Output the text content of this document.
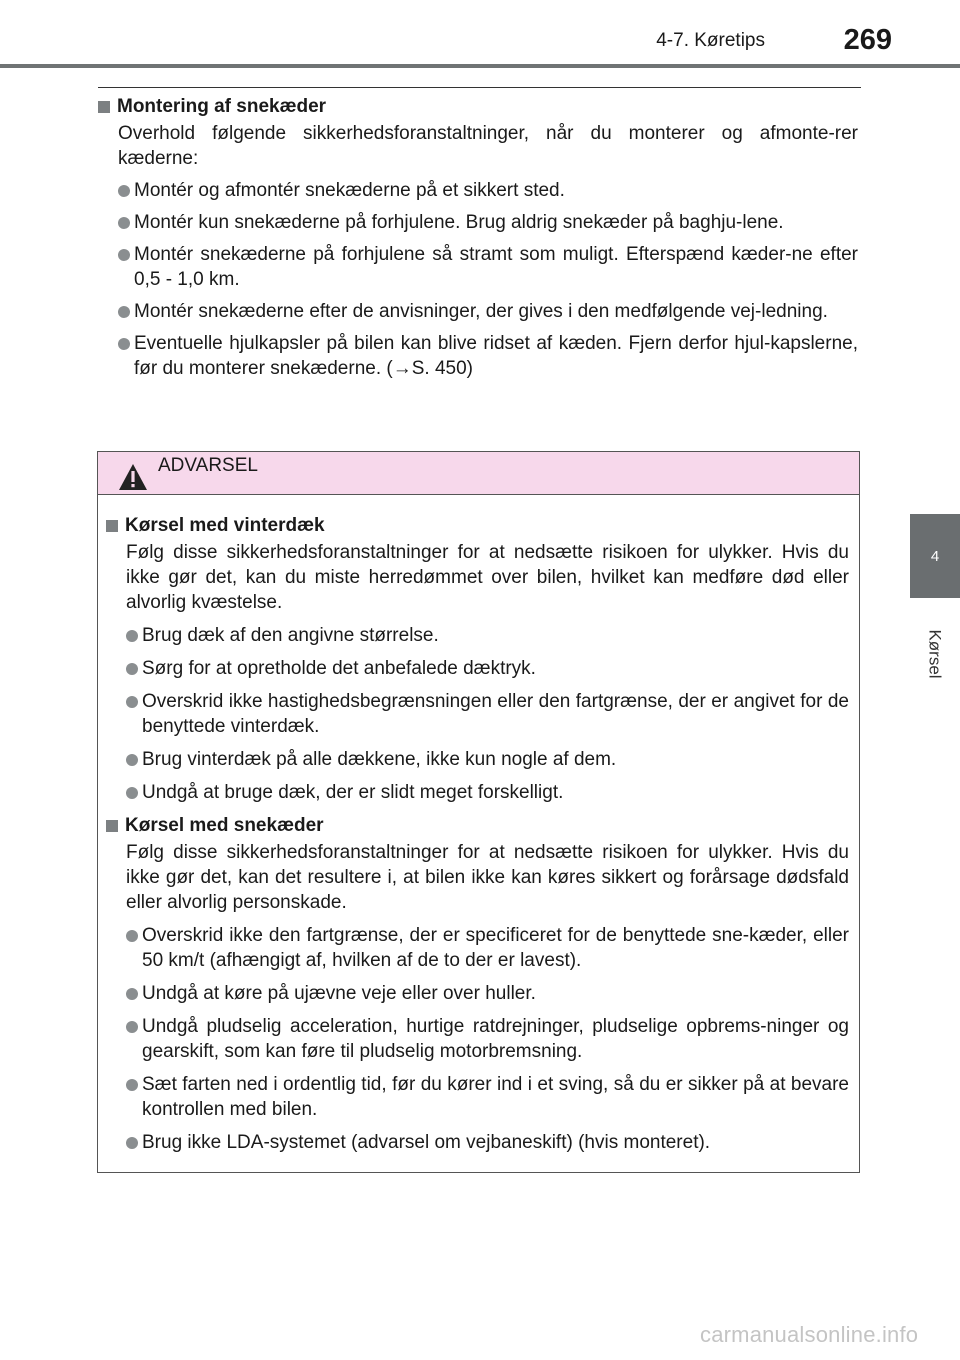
4-7. Køretips	269
4
Kørsel
Montering af snekæder
Overhold følgende sikkerhedsforanstaltninger, når du monterer og afmonte-rer kæderne:
Montér og afmontér snekæderne på et sikkert sted.
Montér kun snekæderne på forhjulene. Brug aldrig snekæder på baghju-lene.
Montér snekæderne på forhjulene så stramt som muligt. Efterspænd kæder-ne efter 0,5 - 1,0 km.
Montér snekæderne efter de anvisninger, der gives i den medfølgende vej-ledning.
Eventuelle hjulkapsler på bilen kan blive ridset af kæden. Fjern derfor hjul-kapslerne, før du monterer snekæderne. (→S. 450)
ADVARSEL
Kørsel med vinterdæk
Følg disse sikkerhedsforanstaltninger for at nedsætte risikoen for ulykker. Hvis du ikke gør det, kan du miste herredømmet over bilen, hvilket kan medføre død eller alvorlig kvæstelse.
Brug dæk af den angivne størrelse.
Sørg for at opretholde det anbefalede dæktryk.
Overskrid ikke hastighedsbegrænsningen eller den fartgrænse, der er angivet for de benyttede vinterdæk.
Brug vinterdæk på alle dækkene, ikke kun nogle af dem.
Undgå at bruge dæk, der er slidt meget forskelligt.
Kørsel med snekæder
Følg disse sikkerhedsforanstaltninger for at nedsætte risikoen for ulykker. Hvis du ikke gør det, kan det resultere i, at bilen ikke kan køres sikkert og forårsage dødsfald eller alvorlig personskade.
Overskrid ikke den fartgrænse, der er specificeret for de benyttede sne-kæder, eller 50 km/t (afhængigt af, hvilken af de to der er lavest).
Undgå at køre på ujævne veje eller over huller.
Undgå pludselig acceleration, hurtige ratdrejninger, pludselige opbrems-ninger og gearskift, som kan føre til pludselig motorbremsning.
Sæt farten ned i ordentlig tid, før du kører ind i et sving, så du er sikker på at bevare kontrollen med bilen.
Brug ikke LDA-systemet (advarsel om vejbaneskift) (hvis monteret).
carmanualsonline.info
